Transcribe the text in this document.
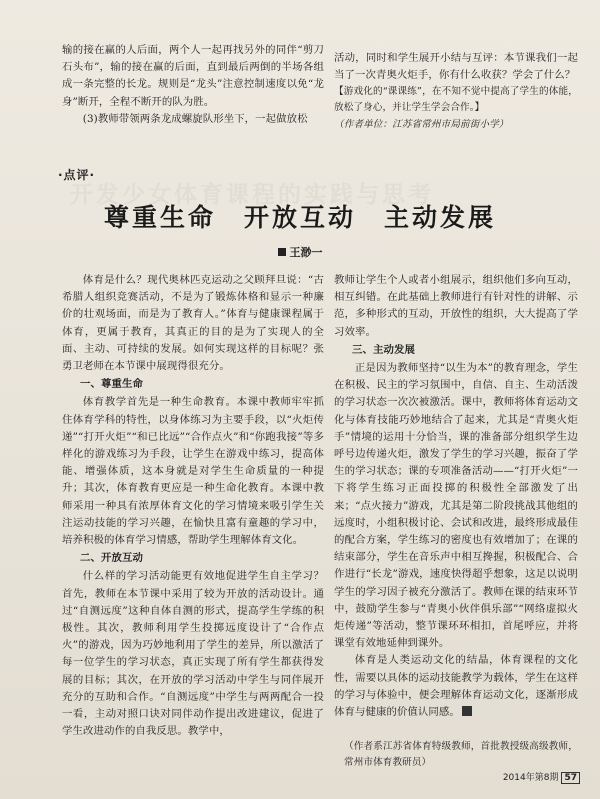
输的接在赢的人后面，两个人一起再找另外的同伴“剪刀石头布”，输的接在赢的后面，直到最后两倒的半场各组成一条完整的长龙。规则是“龙头”注意控制速度以免“龙身”断开，全程不断开的队为胜。

(3)教师带领两条龙成螺旋队形坐下，一起做放松

活动，同时和学生展开小结与互评：本节课我们一起当了一次青奥火炬手，你有什么收获？学会了什么？

【游戏化的“课课练”，在不知不觉中提高了学生的体能，放松了身心，并让学生学会合作。】

（作者单位：江苏省常州市局前街小学）

开发少女体育课程的实践与思考
·点评·
尊重生命　开放互动　主动发展
王渺一

体育是什么？现代奥林匹克运动之父顾拜旦说：“古希腊人组织竞赛活动，不是为了锻炼体格和显示一种廉价的壮观场面，而是为了教育人。”体育与健康课程属于体育，更属于教育，其真正的目的是为了实现人的全面、主动、可持续的发展。如何实现这样的目标呢？张勇卫老师在本节课中展现得很充分。

一、尊重生命

体育教学首先是一种生命教育。本课中教师牢牢抓住体育学科的特性，以身体练习为主要手段，以“火炬传递”“打开火炬”“和已比远”“合作点火”和“你跑我接”等多样化的游戏练习为手段，让学生在游戏中练习，提高体能、增强体质，这本身就是对学生生命质量的一种提升；其次，体育教育更应是一种生命化教育。本课中教师采用一种具有浓厚体育文化的学习情境来吸引学生关注运动技能的学习兴趣，在愉快且富有童趣的学习中，培养积极的体育学习情感，帮助学生理解体育文化。

二、开放互动

什么样的学习活动能更有效地促进学生自主学习？首先，教师在本节课中采用了较为开放的活动设计。通过“自测远度”这种自体自测的形式，提高学生学练的积极性。其次，教师利用学生投掷远度设计了“合作点火”的游戏，因为巧妙地利用了学生的差异，所以激活了每一位学生的学习状态，真正实现了所有学生都获得发展的目标；其次，在开放的学习活动中学生与同伴展开充分的互助和合作。“自测远度”中学生与两两配合一投一看，主动对照口诀对同伴动作提出改进建议，促进了学生改进动作的自我反思。教学中，

教师让学生个人或者小组展示，组织他们多向互动，相互纠错。在此基础上教师进行有针对性的讲解、示范，多种形式的互动，开放性的组织，大大提高了学习效率。

三、主动发展

正是因为教师坚持“以生为本”的教育理念，学生在积极、民主的学习氛围中，自信、自主、生动活泼的学习状态一次次被激活。课中，教师将体育运动文化与体育技能巧妙地结合了起来，尤其是“青奥火炬手”情境的运用十分恰当，课的准备部分组织学生边呼号边传递火炬，激发了学生的学习兴趣，振奋了学生的学习状态；课的专项准备活动——“打开火炬”一下将学生练习正面投掷的积极性全部激发了出来；“点火接力”游戏，尤其是第二阶段挑战其他组的远度时，小组积极讨论、会试和改进，最终形成最佳的配合方案，学生练习的密度也有效增加了；在课的结束部分，学生在音乐声中相互搀握，积极配合、合作进行“长龙”游戏，速度快得超乎想象，这足以说明学生的学习因子被充分激活了。教师在课的结束环节中，鼓励学生参与“青奥小伙伴俱乐部”“网络虚拟火炬传递”等活动，整节课环环相扣，首尾呼应，并将课堂有效地延伸到课外。

体育是人类运动文化的结晶，体育课程的文化性，需要以具体的运动技能教学为载体，学生在这样的学习与体验中，便会理解体育运动文化，逐渐形成体育与健康的价值认同感。

（作者系江苏省体育特级教师，首批教授级高级教师，常州市体育教研员）

2014年第8期 57
